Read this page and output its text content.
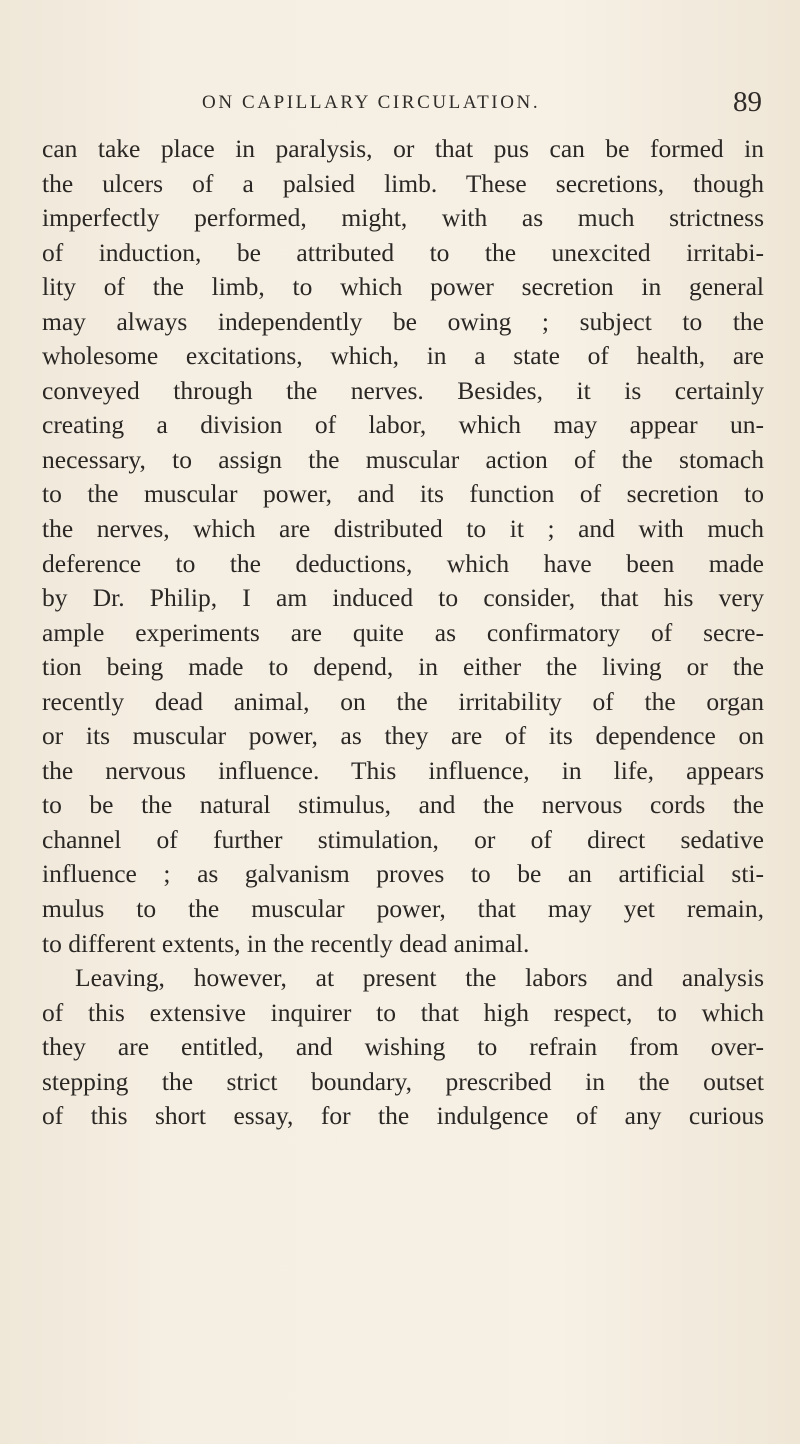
ON CAPILLARY CIRCULATION.	89
can take place in paralysis, or that pus can be formed in
the ulcers of a palsied limb. These secretions, though
imperfectly performed, might, with as much strictness
of induction, be attributed to the unexcited irritabi-
lity of the limb, to which power secretion in general
may always independently be owing ; subject to the
wholesome excitations, which, in a state of health, are
conveyed through the nerves. Besides, it is certainly
creating a division of labor, which may appear un-
necessary, to assign the muscular action of the stomach
to the muscular power, and its function of secretion to
the nerves, which are distributed to it ; and with much
deference to the deductions, which have been made
by Dr. Philip, I am induced to consider, that his very
ample experiments are quite as confirmatory of secre-
tion being made to depend, in either the living or the
recently dead animal, on the irritability of the organ
or its muscular power, as they are of its dependence on
the nervous influence. This influence, in life, appears
to be the natural stimulus, and the nervous cords the
channel of further stimulation, or of direct sedative
influence ; as galvanism proves to be an artificial sti-
mulus to the muscular power, that may yet remain,
to different extents, in the recently dead animal.
Leaving, however, at present the labors and analysis
of this extensive inquirer to that high respect, to which
they are entitled, and wishing to refrain from over-
stepping the strict boundary, prescribed in the outset
of this short essay, for the indulgence of any curious
